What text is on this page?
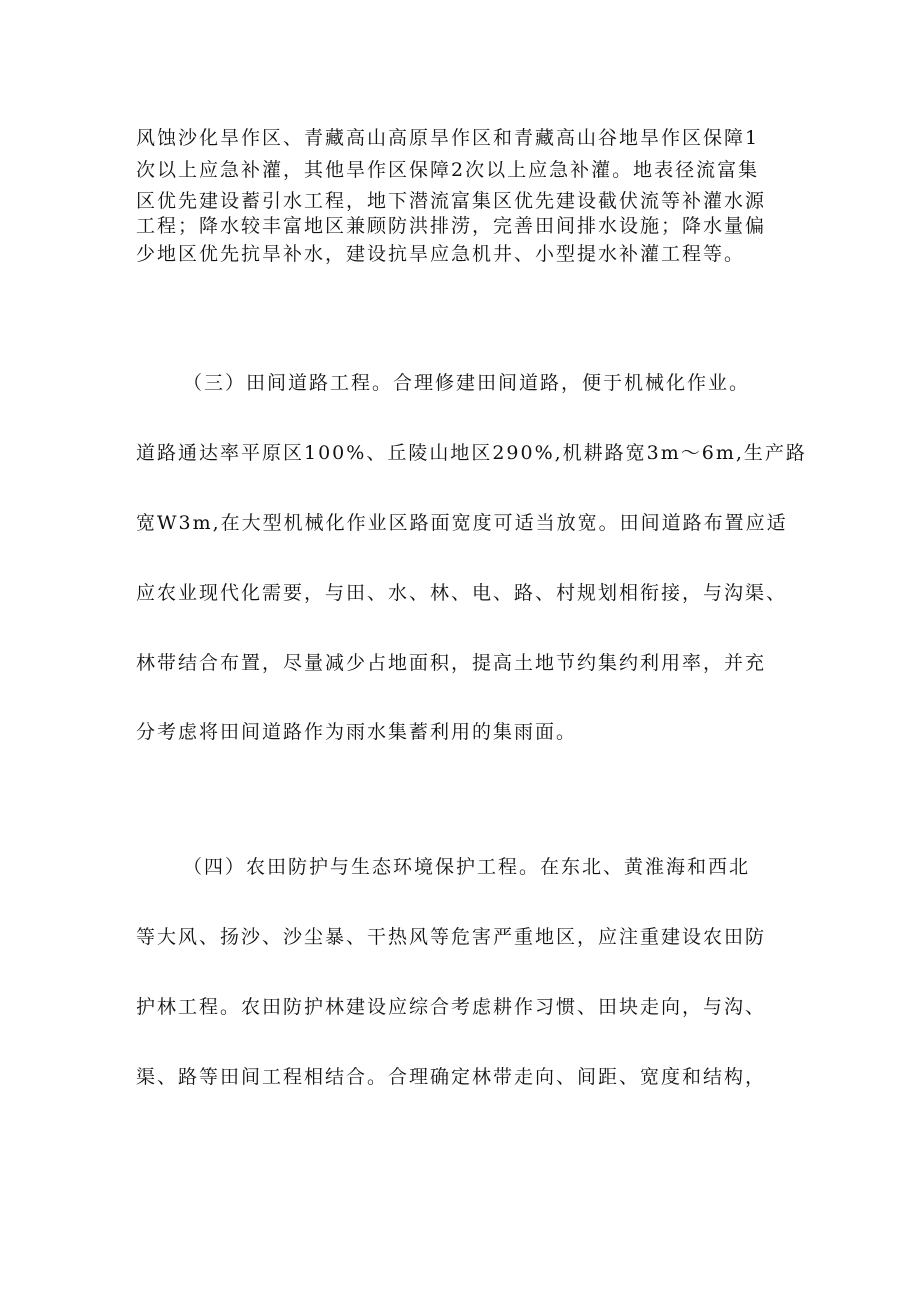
风蚀沙化旱作区、青藏高山高原旱作区和青藏高山谷地旱作区保障1
次以上应急补灌，其他旱作区保障2次以上应急补灌。地表径流富集
区优先建设蓄引水工程，地下潜流富集区优先建设截伏流等补灌水源
工程；降水较丰富地区兼顾防洪排涝，完善田间排水设施；降水量偏
少地区优先抗旱补水，建设抗旱应急机井、小型提水补灌工程等。
（三）田间道路工程。合理修建田间道路，便于机械化作业。
道路通达率平原区100%、丘陵山地区290%,机耕路宽3m～6m,生产路
宽W3m,在大型机械化作业区路面宽度可适当放宽。田间道路布置应适
应农业现代化需要，与田、水、林、电、路、村规划相衔接，与沟渠、
林带结合布置，尽量减少占地面积，提高土地节约集约利用率，并充
分考虑将田间道路作为雨水集蓄利用的集雨面。
（四）农田防护与生态环境保护工程。在东北、黄淮海和西北
等大风、扬沙、沙尘暴、干热风等危害严重地区，应注重建设农田防
护林工程。农田防护林建设应综合考虑耕作习惯、田块走向，与沟、
渠、路等田间工程相结合。合理确定林带走向、间距、宽度和结构，
